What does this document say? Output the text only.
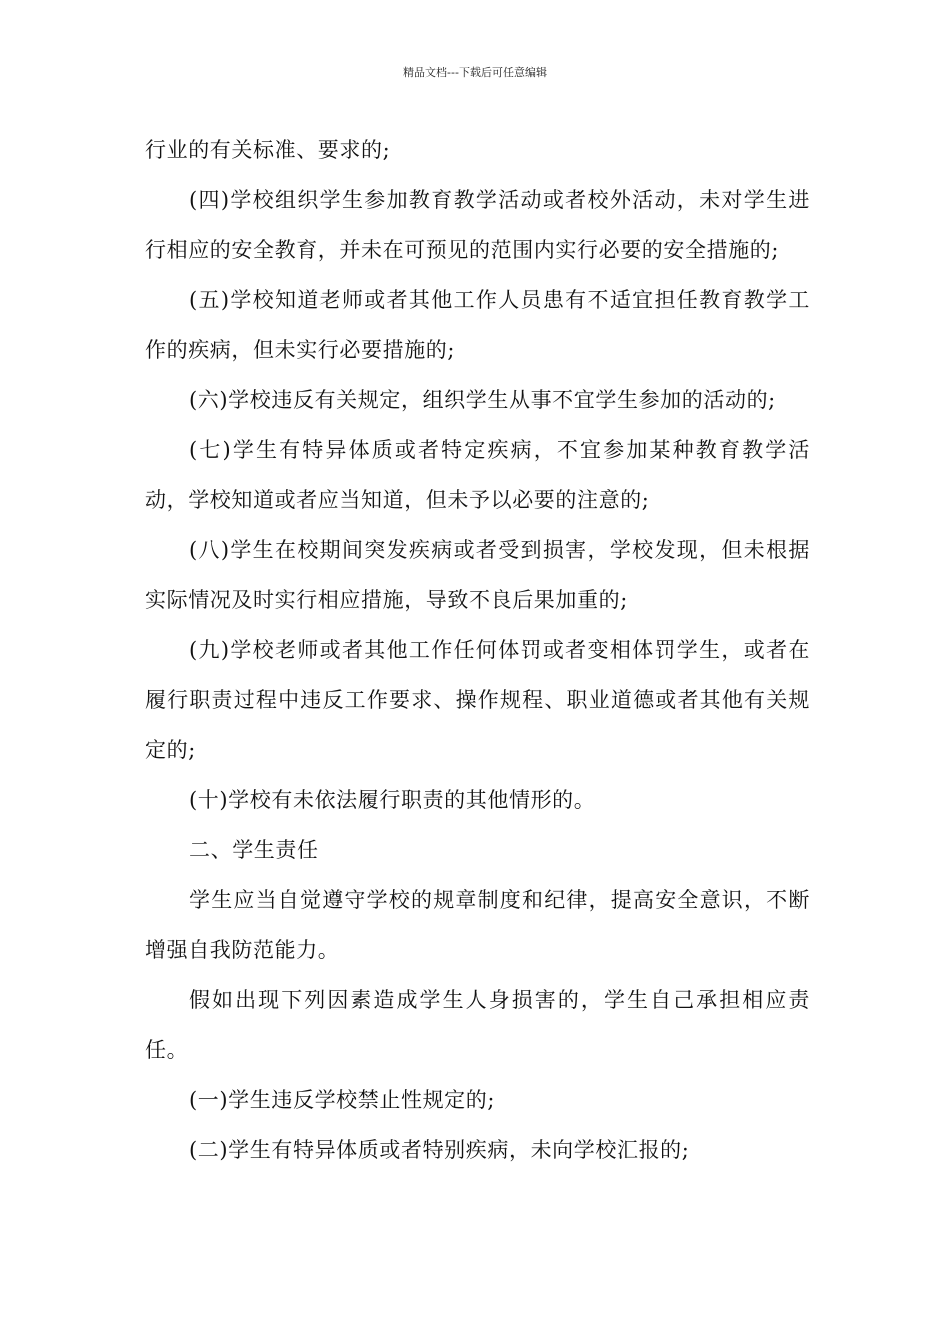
精品文档---下载后可任意编辑

行业的有关标准、要求的;

(四)学校组织学生参加教育教学活动或者校外活动，未对学生进行相应的安全教育，并未在可预见的范围内实行必要的安全措施的;

(五)学校知道老师或者其他工作人员患有不适宜担任教育教学工作的疾病，但未实行必要措施的;

(六)学校违反有关规定，组织学生从事不宜学生参加的活动的;

(七)学生有特异体质或者特定疾病，不宜参加某种教育教学活动，学校知道或者应当知道，但未予以必要的注意的;

(八)学生在校期间突发疾病或者受到损害，学校发现，但未根据实际情况及时实行相应措施，导致不良后果加重的;

(九)学校老师或者其他工作任何体罚或者变相体罚学生，或者在履行职责过程中违反工作要求、操作规程、职业道德或者其他有关规定的;

(十)学校有未依法履行职责的其他情形的。

二、学生责任

学生应当自觉遵守学校的规章制度和纪律，提高安全意识，不断增强自我防范能力。

假如出现下列因素造成学生人身损害的，学生自己承担相应责任。

(一)学生违反学校禁止性规定的;

(二)学生有特异体质或者特别疾病，未向学校汇报的;
